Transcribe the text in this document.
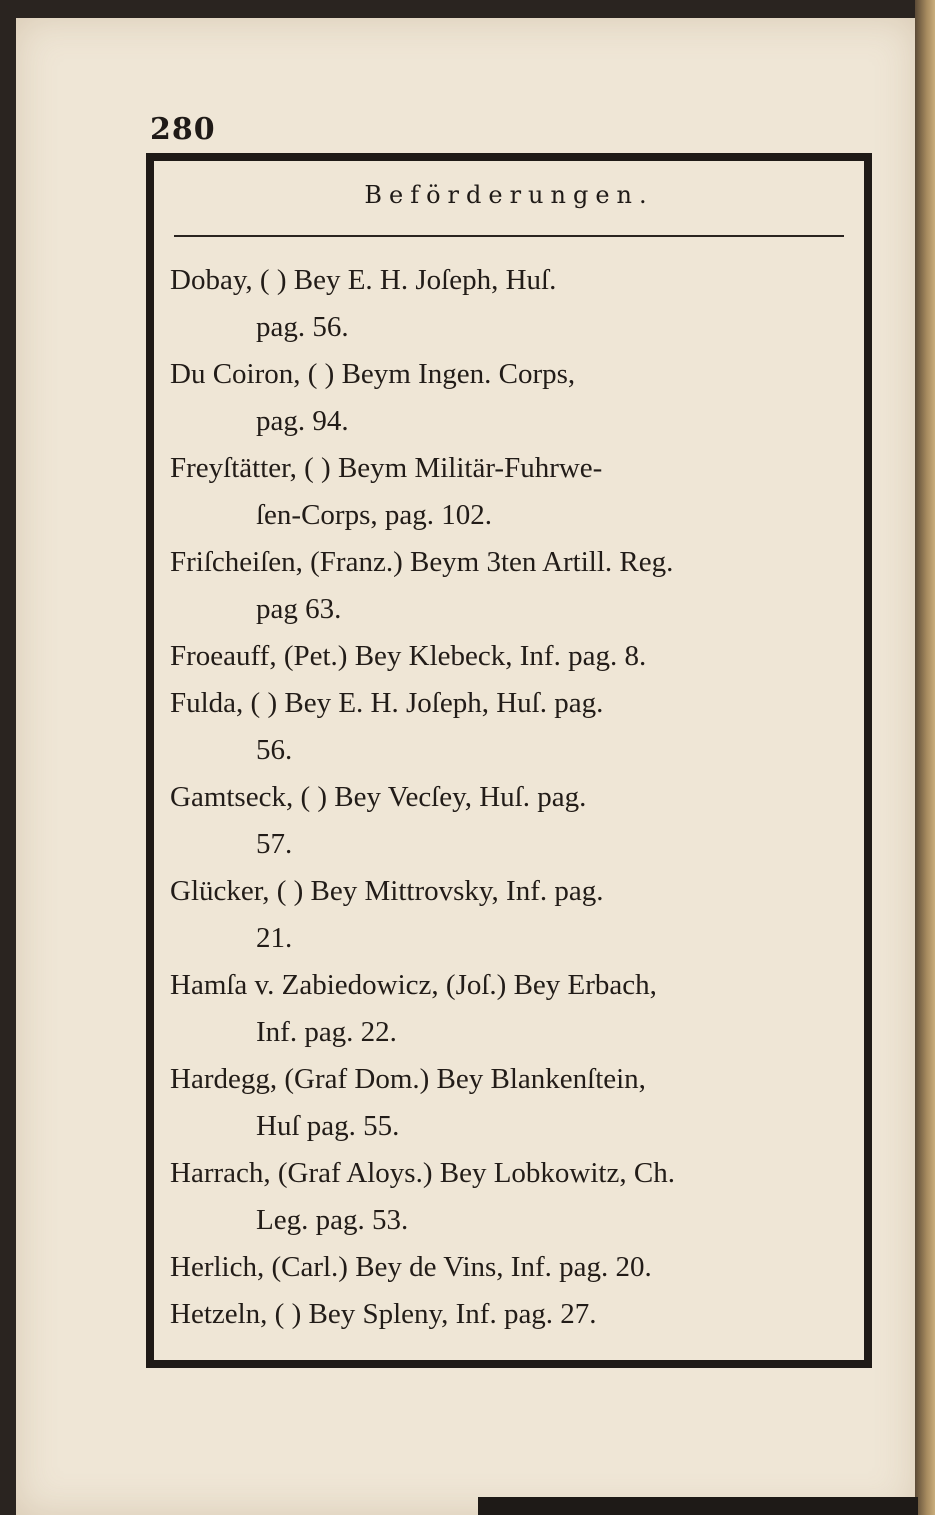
280
Beförderungen.
Dobay, ( ) Bey E. H. Joſeph, Huſ.
pag. 56.
Du Coiron, ( ) Beym Ingen. Corps,
pag. 94.
Freyſtätter, ( ) Beym Militär-Fuhrwe-
ſen-Corps, pag. 102.
Friſcheiſen, (Franz.) Beym 3ten Artill. Reg.
pag 63.
Froeauff, (Pet.) Bey Klebeck, Inf. pag. 8.
Fulda, ( ) Bey E. H. Joſeph, Huſ. pag.
56.
Gamtseck, ( ) Bey Vecſey, Huſ. pag.
57.
Glücker, ( ) Bey Mittrovsky, Inf. pag.
21.
Hamſa v. Zabiedowicz, (Joſ.) Bey Erbach,
Inf. pag. 22.
Hardegg, (Graf Dom.) Bey Blankenſtein,
Huſ pag. 55.
Harrach, (Graf Aloys.) Bey Lobkowitz, Ch.
Leg. pag. 53.
Herlich, (Carl.) Bey de Vins, Inf. pag. 20.
Hetzeln, ( ) Bey Spleny, Inf. pag. 27.
